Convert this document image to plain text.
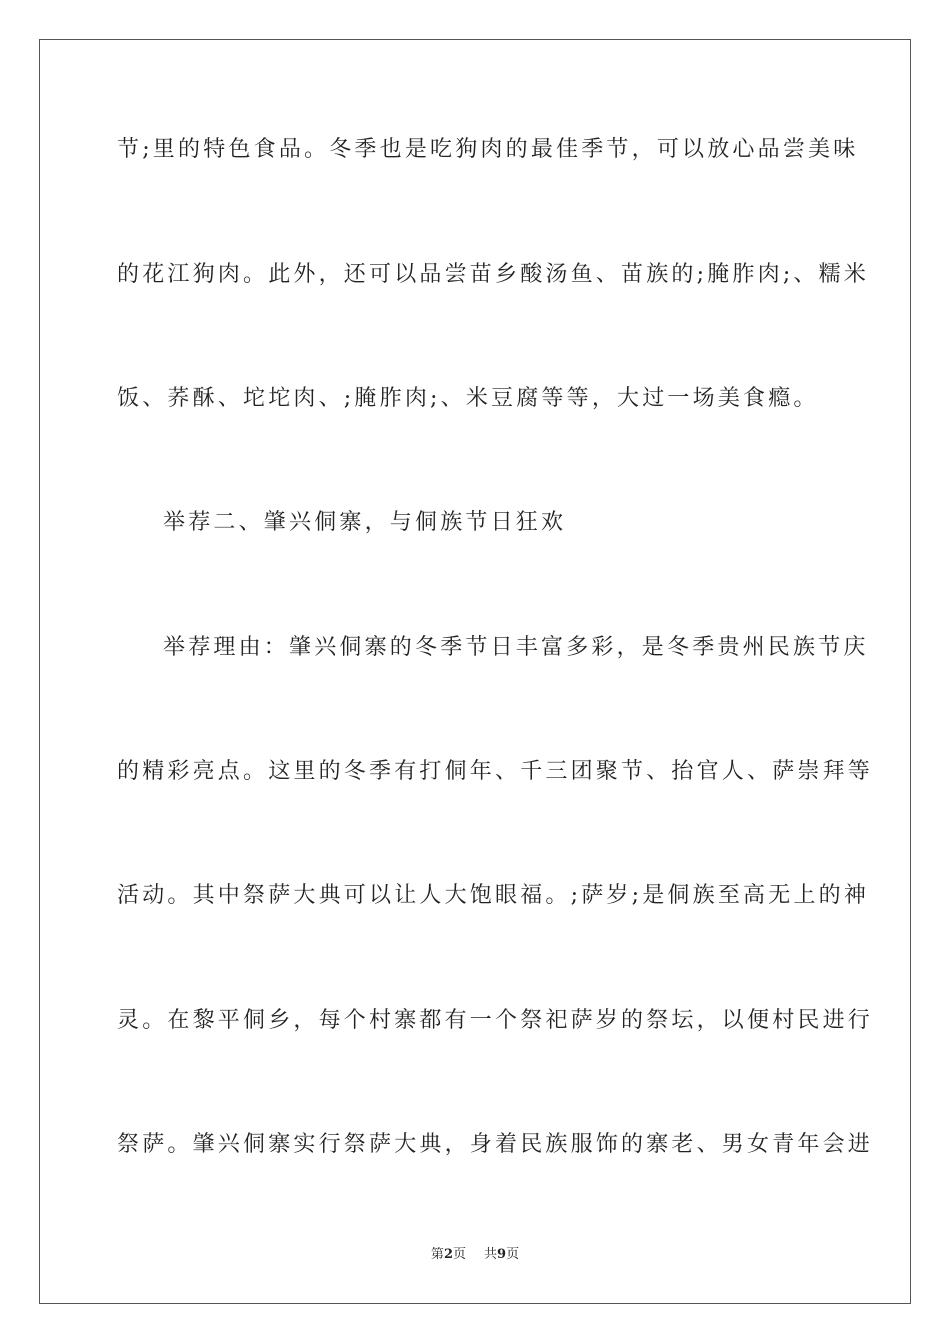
节;里的特色食品。冬季也是吃狗肉的最佳季节，可以放心品尝美味
的花江狗肉。此外，还可以品尝苗乡酸汤鱼、苗族的;腌胙肉;、糯米
饭、荞酥、坨坨肉、;腌胙肉;、米豆腐等等，大过一场美食瘾。
举荐二、肇兴侗寨，与侗族节日狂欢
举荐理由：肇兴侗寨的冬季节日丰富多彩，是冬季贵州民族节庆
的精彩亮点。这里的冬季有打侗年、千三团聚节、抬官人、萨崇拜等
活动。其中祭萨大典可以让人大饱眼福。;萨岁;是侗族至高无上的神
灵。在黎平侗乡，每个村寨都有一个祭祀萨岁的祭坛，以便村民进行
祭萨。肇兴侗寨实行祭萨大典，身着民族服饰的寨老、男女青年会进
第2页 共9页
